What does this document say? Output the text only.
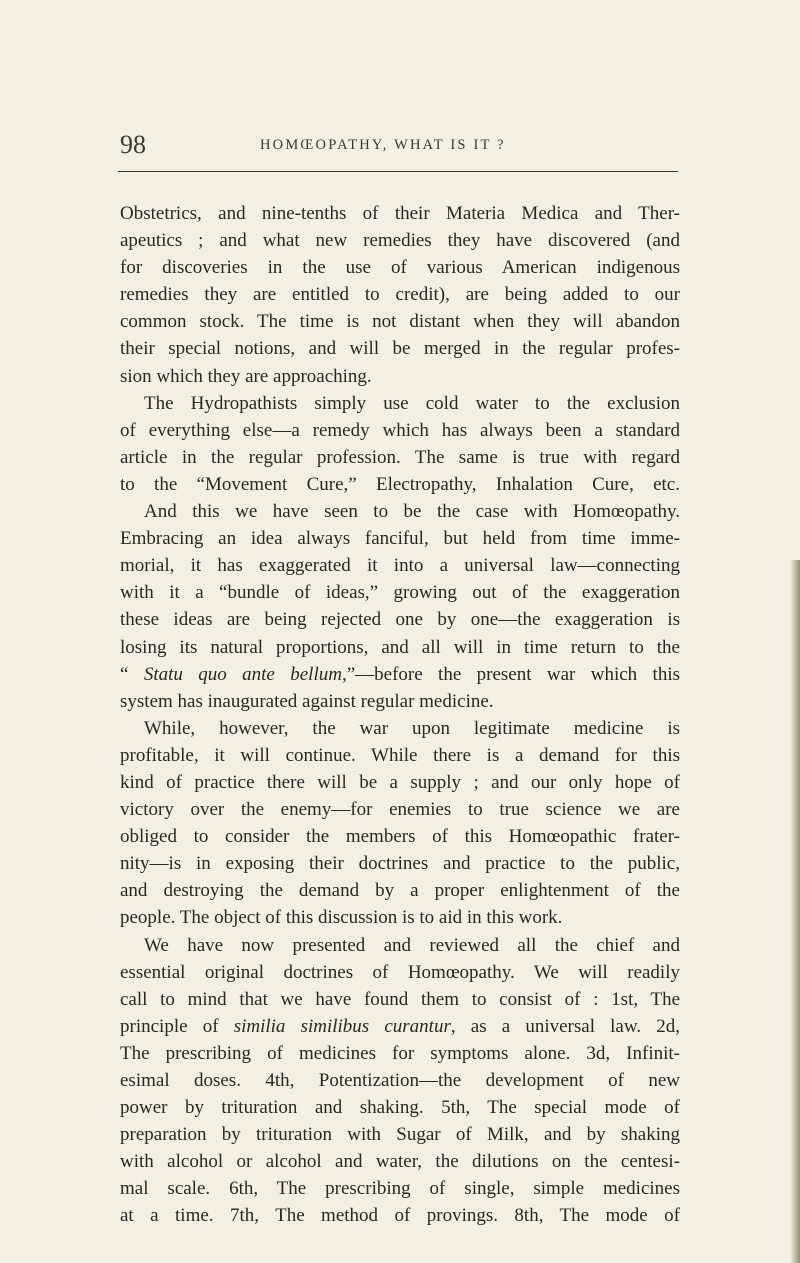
98	HOMŒOPATHY, WHAT IS IT ?
Obstetrics, and nine-tenths of their Materia Medica and Ther-
apeutics ; and what new remedies they have discovered (and
for discoveries in the use of various American indigenous
remedies they are entitled to credit), are being added to our
common stock. The time is not distant when they will abandon
their special notions, and will be merged in the regular profes-
sion which they are approaching.
The Hydropathists simply use cold water to the exclusion
of everything else—a remedy which has always been a standard
article in the regular profession. The same is true with regard
to the “Movement Cure,” Electropathy, Inhalation Cure, etc.
And this we have seen to be the case with Homœopathy.
Embracing an idea always fanciful, but held from time imme-
morial, it has exaggerated it into a universal law—connecting
with it a “bundle of ideas,” growing out of the exaggeration
these ideas are being rejected one by one—the exaggeration is
losing its natural proportions, and all will in time return to the
“ Statu quo ante bellum,”—before the present war which this
system has inaugurated against regular medicine.
While, however, the war upon legitimate medicine is
profitable, it will continue. While there is a demand for this
kind of practice there will be a supply ; and our only hope of
victory over the enemy—for enemies to true science we are
obliged to consider the members of this Homœopathic frater-
nity—is in exposing their doctrines and practice to the public,
and destroying the demand by a proper enlightenment of the
people. The object of this discussion is to aid in this work.
We have now presented and reviewed all the chief and
essential original doctrines of Homœopathy. We will readily
call to mind that we have found them to consist of : 1st, The
principle of similia similibus curantur, as a universal law. 2d,
The prescribing of medicines for symptoms alone. 3d, Infinit-
esimal doses. 4th, Potentization—the development of new
power by trituration and shaking. 5th, The special mode of
preparation by trituration with Sugar of Milk, and by shaking
with alcohol or alcohol and water, the dilutions on the centesi-
mal scale. 6th, The prescribing of single, simple medicines
at a time. 7th, The method of provings. 8th, The mode of
